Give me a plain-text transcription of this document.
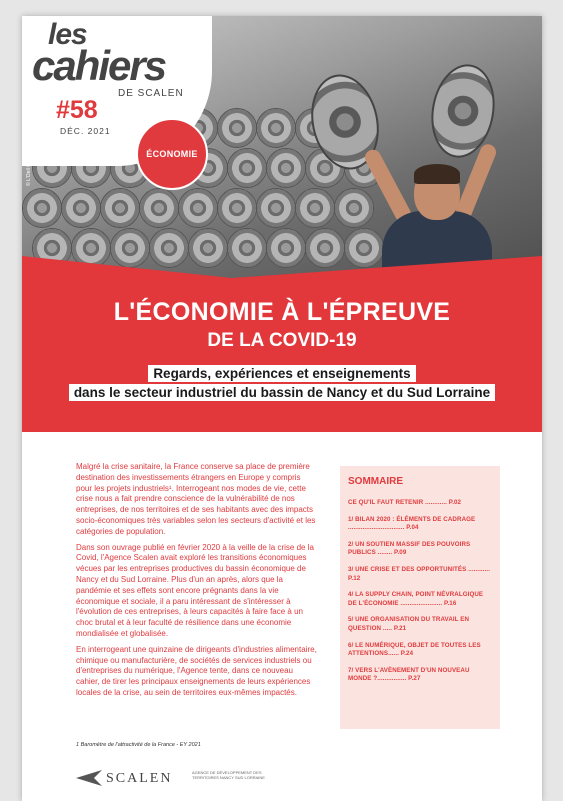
les
cahiers
DE SCALEN
#58
DÉC. 2021
ÉCONOMIE
L'ÉCONOMIE À L'ÉPREUVE
DE LA COVID-19
Regards, expériences et enseignements
dans le secteur industriel du bassin de Nancy et du Sud Lorraine

Malgré la crise sanitaire, la France conserve sa place de première destination des investissements étrangers en Europe y compris pour les projets industriels¹. Interrogeant nos modes de vie, cette crise nous a fait prendre conscience de la vulnérabilité de nos entreprises, de nos territoires et de ses habitants avec des impacts socio-économiques très variables selon les secteurs d'activité et les catégories de population.

Dans son ouvrage publié en février 2020 à la veille de la crise de la Covid, l'Agence Scalen avait exploré les transitions économiques vécues par les entreprises productives du bassin économique de Nancy et du Sud Lorraine. Plus d'un an après, alors que la pandémie et ses effets sont encore prégnants dans la vie économique et sociale, il a paru intéressant de s'intéresser à l'évolution de ces entreprises, à leurs capacités à faire face à un choc brutal et à leur faculté de résilience dans une économie mondialisée et globalisée.

En interrogeant une quinzaine de dirigeants d'industries alimentaire, chimique ou manufacturière, de sociétés de services industriels ou d'entreprises du numérique, l'Agence tente, dans ce nouveau cahier, de tirer les principaux enseignements de leurs expériences locales de la crise, au sein de territoires eux-mêmes impactés.

1 Baromètre de l'attractivité de la France - EY 2021
SOMMAIRE
CE QU'IL FAUT RETENIR ............ P.02
1/ BILAN 2020 : ÉLÉMENTS DE CADRAGE ............................... P.04
2/ UN SOUTIEN MASSIF DES POUVOIRS PUBLICS ........ P.09
3/ UNE CRISE ET DES OPPORTUNITÉS ............ P.12
4/ LA SUPPLY CHAIN, POINT NÉVRALGIQUE DE L'ÉCONOMIE ....................... P.16
5/ UNE ORGANISATION DU TRAVAIL EN QUESTION ..... P.21
6/ LE NUMÉRIQUE, OBJET DE TOUTES LES ATTENTIONS...... P.24
7/ VERS L'AVÈNEMENT D'UN NOUVEAU MONDE ?................ P.27
SCALEN	AGENCE DE DÉVELOPPEMENT DES TERRITOIRES NANCY SUD LORRAINE
